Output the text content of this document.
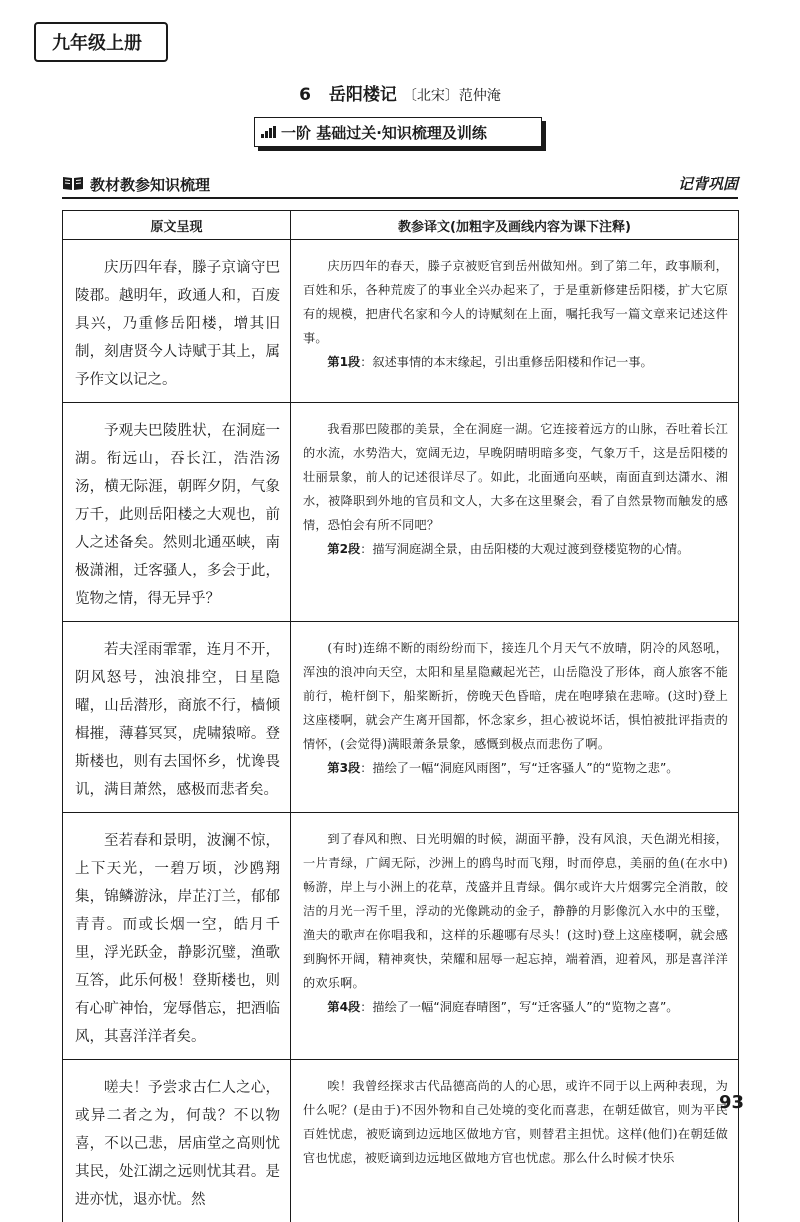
九年级上册
6 岳阳楼记 〔北宋〕范仲淹
一阶 基础过关·知识梳理及训练
教材教参知识梳理	记背巩固
原文呈现	教参译文(加粗字及画线内容为课下注释)

庆历四年春，滕子京谪守巴陵郡。越明年，政通人和，百废具兴，乃重修岳阳楼，增其旧制，刻唐贤今人诗赋于其上，属予作文以记之。	庆历四年的春天，滕子京被贬官到岳州做知州。到了第二年，政事顺利，百姓和乐，各种荒废了的事业全兴办起来了，于是重新修建岳阳楼，扩大它原有的规模，把唐代名家和今人的诗赋刻在上面，嘱托我写一篇文章来记述这件事。

第1段：叙述事情的本末缘起，引出重修岳阳楼和作记一事。

予观夫巴陵胜状，在洞庭一湖。衔远山，吞长江，浩浩汤汤，横无际涯，朝晖夕阴，气象万千，此则岳阳楼之大观也，前人之述备矣。然则北通巫峡，南极潇湘，迁客骚人，多会于此，览物之情，得无异乎？	我看那巴陵郡的美景，全在洞庭一湖。它连接着远方的山脉，吞吐着长江的水流，水势浩大，宽阔无边，早晚阴晴明暗多变，气象万千，这是岳阳楼的壮丽景象，前人的记述很详尽了。如此，北面通向巫峡，南面直到达潇水、湘水，被降职到外地的官员和文人，大多在这里聚会，看了自然景物而触发的感情，恐怕会有所不同吧？

第2段：描写洞庭湖全景，由岳阳楼的大观过渡到登楼览物的心情。

若夫淫雨霏霏，连月不开，阴风怒号，浊浪排空，日星隐曜，山岳潜形，商旅不行，樯倾楫摧，薄暮冥冥，虎啸猿啼。登斯楼也，则有去国怀乡，忧谗畏讥，满目萧然，感极而悲者矣。	(有时)连绵不断的雨纷纷而下，接连几个月天气不放晴，阴冷的风怒吼，浑浊的浪冲向天空，太阳和星星隐藏起光芒，山岳隐没了形体，商人旅客不能前行，桅杆倒下，船桨断折，傍晚天色昏暗，虎在咆哮猿在悲啼。(这时)登上这座楼啊，就会产生离开国都，怀念家乡，担心被说坏话，惧怕被批评指责的情怀，(会觉得)满眼萧条景象，感慨到极点而悲伤了啊。

第3段：描绘了一幅“洞庭风雨图”，写“迁客骚人”的“览物之悲”。

至若春和景明，波澜不惊，上下天光，一碧万顷，沙鸥翔集，锦鳞游泳，岸芷汀兰，郁郁青青。而或长烟一空，皓月千里，浮光跃金，静影沉璧，渔歌互答，此乐何极！登斯楼也，则有心旷神怡，宠辱偕忘，把酒临风，其喜洋洋者矣。	到了春风和煦、日光明媚的时候，湖面平静，没有风浪，天色湖光相接，一片青绿，广阔无际，沙洲上的鸥鸟时而飞翔，时而停息，美丽的鱼(在水中)畅游，岸上与小洲上的花草，茂盛并且青绿。偶尔或许大片烟雾完全消散，皎洁的月光一泻千里，浮动的光像跳动的金子，静静的月影像沉入水中的玉璧，渔夫的歌声在你唱我和，这样的乐趣哪有尽头！(这时)登上这座楼啊，就会感到胸怀开阔，精神爽快，荣耀和屈辱一起忘掉，端着酒，迎着风，那是喜洋洋的欢乐啊。

第4段：描绘了一幅“洞庭春晴图”，写“迁客骚人”的“览物之喜”。

嗟夫！予尝求古仁人之心，或异二者之为，何哉？不以物喜，不以己悲，居庙堂之高则忧其民，处江湖之远则忧其君。是进亦忧，退亦忧。然	唉！我曾经探求古代品德高尚的人的心思，或许不同于以上两种表现，为什么呢？(是由于)不因外物和自己处境的变化而喜悲，在朝廷做官，则为平民百姓忧虑，被贬谪到边远地区做地方官，则替君主担忧。这样(他们)在朝廷做官也忧虑，被贬谪到边远地区做地方官也忧虑。那么什么时候才快乐

93
